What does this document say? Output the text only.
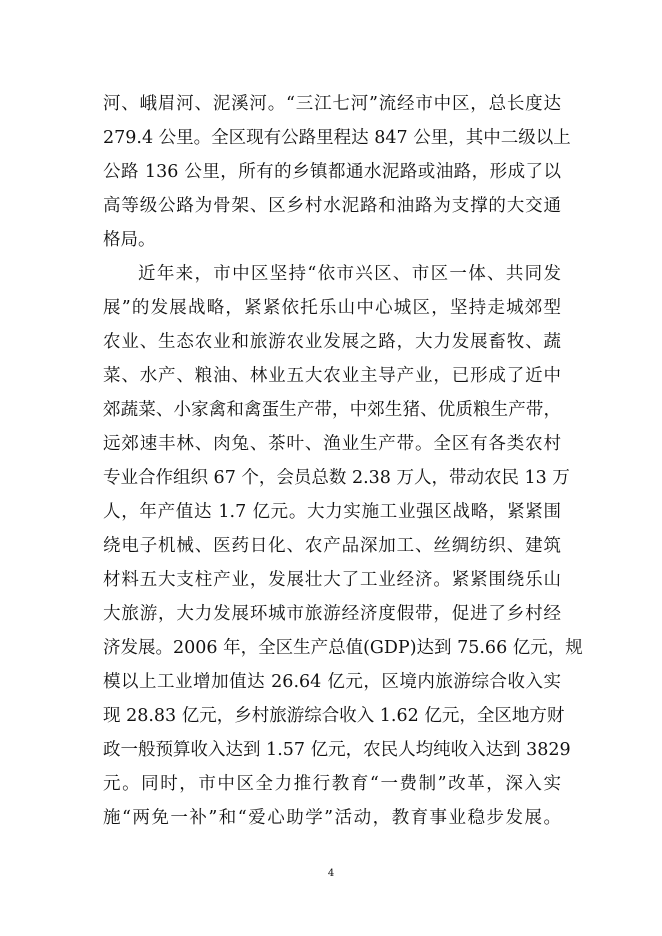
河、峨眉河、泥溪河。“三江七河”流经市中区，总长度达
279.4 公里。全区现有公路里程达 847 公里，其中二级以上
公路 136 公里，所有的乡镇都通水泥路或油路，形成了以
高等级公路为骨架、区乡村水泥路和油路为支撑的大交通
格局。
近年来，市中区坚持“依市兴区、市区一体、共同发
展”的发展战略，紧紧依托乐山中心城区，坚持走城郊型
农业、生态农业和旅游农业发展之路，大力发展畜牧、蔬
菜、水产、粮油、林业五大农业主导产业，已形成了近中
郊蔬菜、小家禽和禽蛋生产带，中郊生猪、优质粮生产带，
远郊速丰林、肉兔、茶叶、渔业生产带。全区有各类农村
专业合作组织 67 个，会员总数 2.38 万人，带动农民 13 万
人，年产值达 1.7 亿元。大力实施工业强区战略，紧紧围
绕电子机械、医药日化、农产品深加工、丝绸纺织、建筑
材料五大支柱产业，发展壮大了工业经济。紧紧围绕乐山
大旅游，大力发展环城市旅游经济度假带，促进了乡村经
济发展。2006 年，全区生产总值(GDP)达到 75.66 亿元，规
模以上工业增加值达 26.64 亿元，区境内旅游综合收入实
现 28.83 亿元，乡村旅游综合收入 1.62 亿元，全区地方财
政一般预算收入达到 1.57 亿元，农民人均纯收入达到 3829
元。同时，市中区全力推行教育“一费制”改革，深入实
施“两免一补”和“爱心助学”活动，教育事业稳步发展。
4
